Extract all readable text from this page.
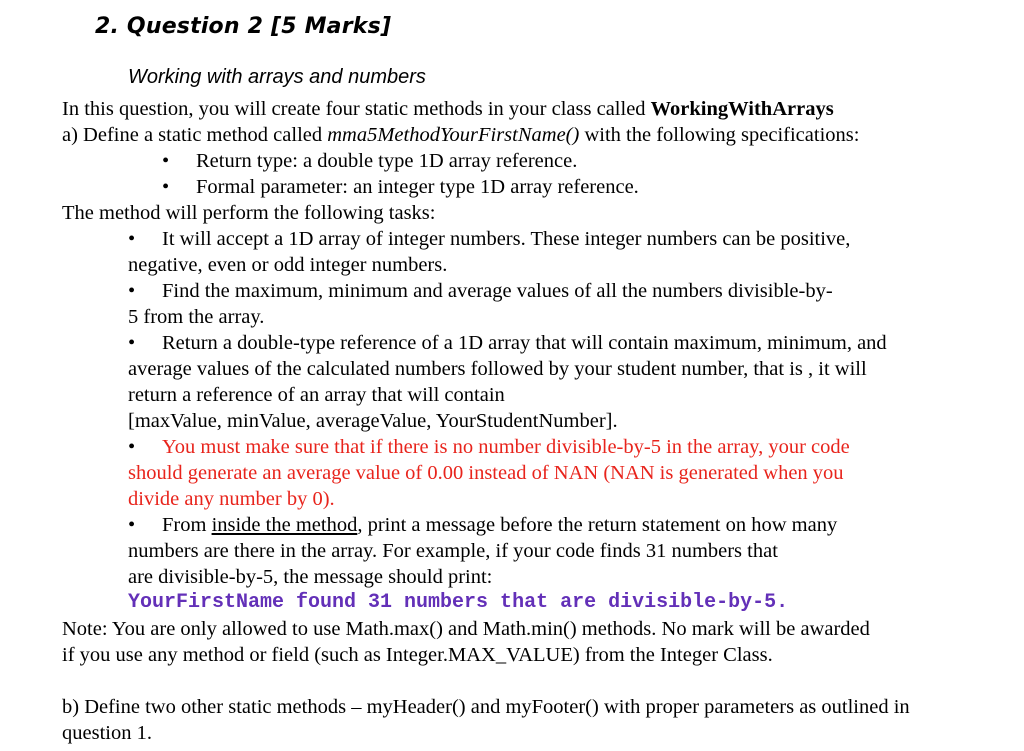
2. Question 2 [5 Marks]
Working with arrays and numbers

In this question, you will create four static methods in your class called WorkingWithArrays

a) Define a static method called mma5MethodYourFirstName() with the following specifications:

•	Return type: a double type 1D array reference.
•	Formal parameter: an integer type 1D array reference.

The method will perform the following tasks:

• It will accept a 1D array of integer numbers. These integer numbers can be positive,
negative, even or odd integer numbers.
• Find the maximum, minimum and average values of all the numbers divisible-by-
5 from the array.
• Return a double-type reference of a 1D array that will contain maximum, minimum, and
average values of the calculated numbers followed by your student number, that is , it will
return a reference of an array that will contain
[maxValue, minValue, averageValue, YourStudentNumber].
• You must make sure that if there is no number divisible-by-5 in the array, your code
should generate an average value of 0.00 instead of NAN (NAN is generated when you
divide any number by 0).
• From inside the method, print a message before the return statement on how many
numbers are there in the array. For example, if your code finds 31 numbers that
are divisible-by-5, the message should print:
YourFirstName found 31 numbers that are divisible-by-5.

Note: You are only allowed to use Math.max() and Math.min() methods. No mark will be awarded

if you use any method or field (such as Integer.MAX_VALUE) from the Integer Class.

b) Define two other static methods – myHeader() and myFooter() with proper parameters as outlined in

question 1.
